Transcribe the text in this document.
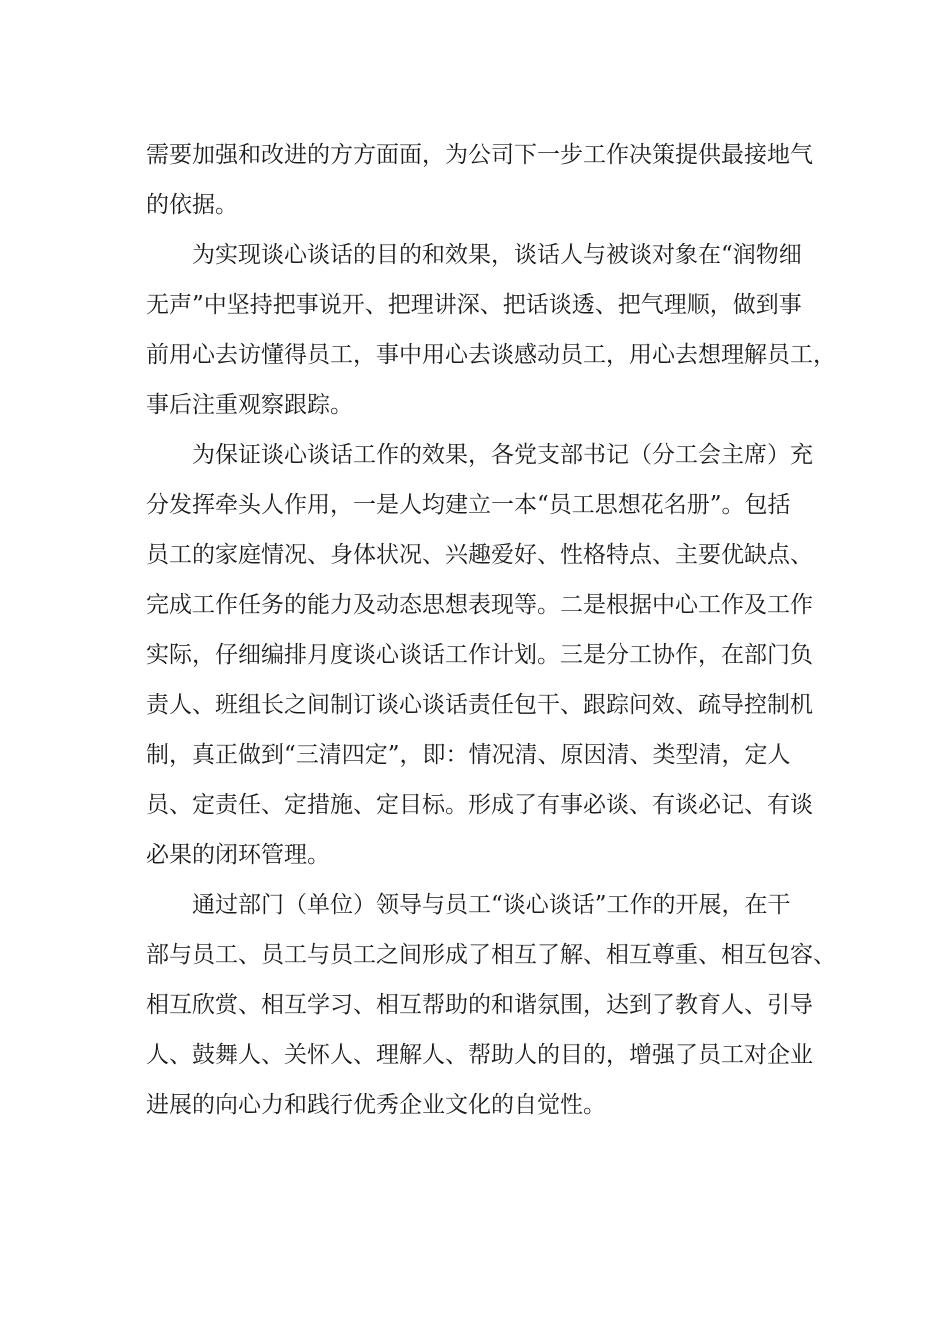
需要加强和改进的方方面面，为公司下一步工作决策提供最接地气
的依据。
为实现谈心谈话的目的和效果，谈话人与被谈对象在“润物细
无声”中坚持把事说开、把理讲深、把话谈透、把气理顺，做到事
前用心去访懂得员工，事中用心去谈感动员工，用心去想理解员工，
事后注重观察跟踪。
为保证谈心谈话工作的效果，各党支部书记（分工会主席）充
分发挥牵头人作用，一是人均建立一本“员工思想花名册”。包括
员工的家庭情况、身体状况、兴趣爱好、性格特点、主要优缺点、
完成工作任务的能力及动态思想表现等。二是根据中心工作及工作
实际，仔细编排月度谈心谈话工作计划。三是分工协作，在部门负
责人、班组长之间制订谈心谈话责任包干、跟踪问效、疏导控制机
制，真正做到“三清四定”，即：情况清、原因清、类型清，定人
员、定责任、定措施、定目标。形成了有事必谈、有谈必记、有谈
必果的闭环管理。
通过部门（单位）领导与员工“谈心谈话”工作的开展，在干
部与员工、员工与员工之间形成了相互了解、相互尊重、相互包容、
相互欣赏、相互学习、相互帮助的和谐氛围，达到了教育人、引导
人、鼓舞人、关怀人、理解人、帮助人的目的，增强了员工对企业
进展的向心力和践行优秀企业文化的自觉性。
